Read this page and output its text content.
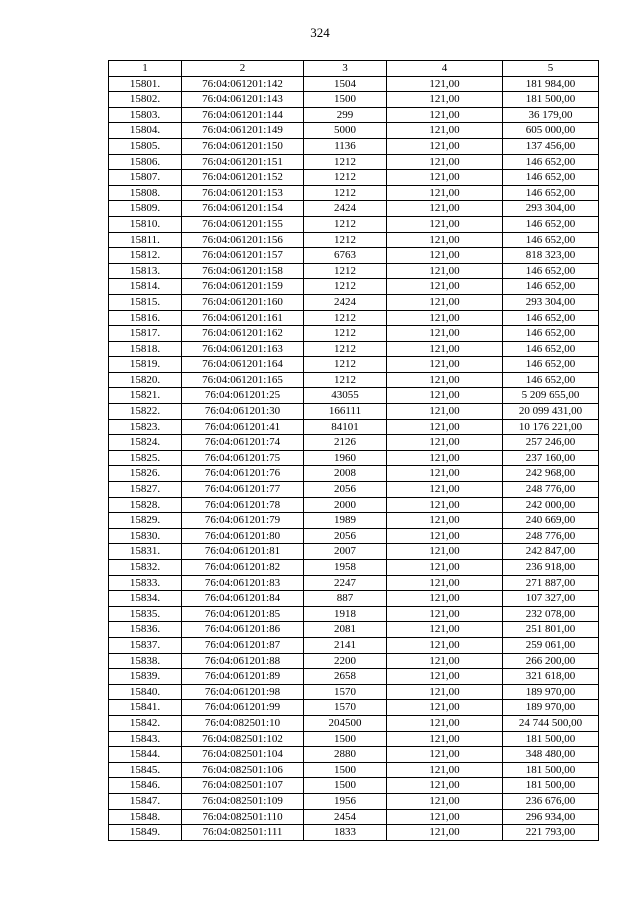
324
1	2	3	4	5
15801.	76:04:061201:142	1504	121,00	181 984,00
15802.	76:04:061201:143	1500	121,00	181 500,00
15803.	76:04:061201:144	299	121,00	36 179,00
15804.	76:04:061201:149	5000	121,00	605 000,00
15805.	76:04:061201:150	1136	121,00	137 456,00
15806.	76:04:061201:151	1212	121,00	146 652,00
15807.	76:04:061201:152	1212	121,00	146 652,00
15808.	76:04:061201:153	1212	121,00	146 652,00
15809.	76:04:061201:154	2424	121,00	293 304,00
15810.	76:04:061201:155	1212	121,00	146 652,00
15811.	76:04:061201:156	1212	121,00	146 652,00
15812.	76:04:061201:157	6763	121,00	818 323,00
15813.	76:04:061201:158	1212	121,00	146 652,00
15814.	76:04:061201:159	1212	121,00	146 652,00
15815.	76:04:061201:160	2424	121,00	293 304,00
15816.	76:04:061201:161	1212	121,00	146 652,00
15817.	76:04:061201:162	1212	121,00	146 652,00
15818.	76:04:061201:163	1212	121,00	146 652,00
15819.	76:04:061201:164	1212	121,00	146 652,00
15820.	76:04:061201:165	1212	121,00	146 652,00
15821.	76:04:061201:25	43055	121,00	5 209 655,00
15822.	76:04:061201:30	166111	121,00	20 099 431,00
15823.	76:04:061201:41	84101	121,00	10 176 221,00
15824.	76:04:061201:74	2126	121,00	257 246,00
15825.	76:04:061201:75	1960	121,00	237 160,00
15826.	76:04:061201:76	2008	121,00	242 968,00
15827.	76:04:061201:77	2056	121,00	248 776,00
15828.	76:04:061201:78	2000	121,00	242 000,00
15829.	76:04:061201:79	1989	121,00	240 669,00
15830.	76:04:061201:80	2056	121,00	248 776,00
15831.	76:04:061201:81	2007	121,00	242 847,00
15832.	76:04:061201:82	1958	121,00	236 918,00
15833.	76:04:061201:83	2247	121,00	271 887,00
15834.	76:04:061201:84	887	121,00	107 327,00
15835.	76:04:061201:85	1918	121,00	232 078,00
15836.	76:04:061201:86	2081	121,00	251 801,00
15837.	76:04:061201:87	2141	121,00	259 061,00
15838.	76:04:061201:88	2200	121,00	266 200,00
15839.	76:04:061201:89	2658	121,00	321 618,00
15840.	76:04:061201:98	1570	121,00	189 970,00
15841.	76:04:061201:99	1570	121,00	189 970,00
15842.	76:04:082501:10	204500	121,00	24 744 500,00
15843.	76:04:082501:102	1500	121,00	181 500,00
15844.	76:04:082501:104	2880	121,00	348 480,00
15845.	76:04:082501:106	1500	121,00	181 500,00
15846.	76:04:082501:107	1500	121,00	181 500,00
15847.	76:04:082501:109	1956	121,00	236 676,00
15848.	76:04:082501:110	2454	121,00	296 934,00
15849.	76:04:082501:111	1833	121,00	221 793,00
